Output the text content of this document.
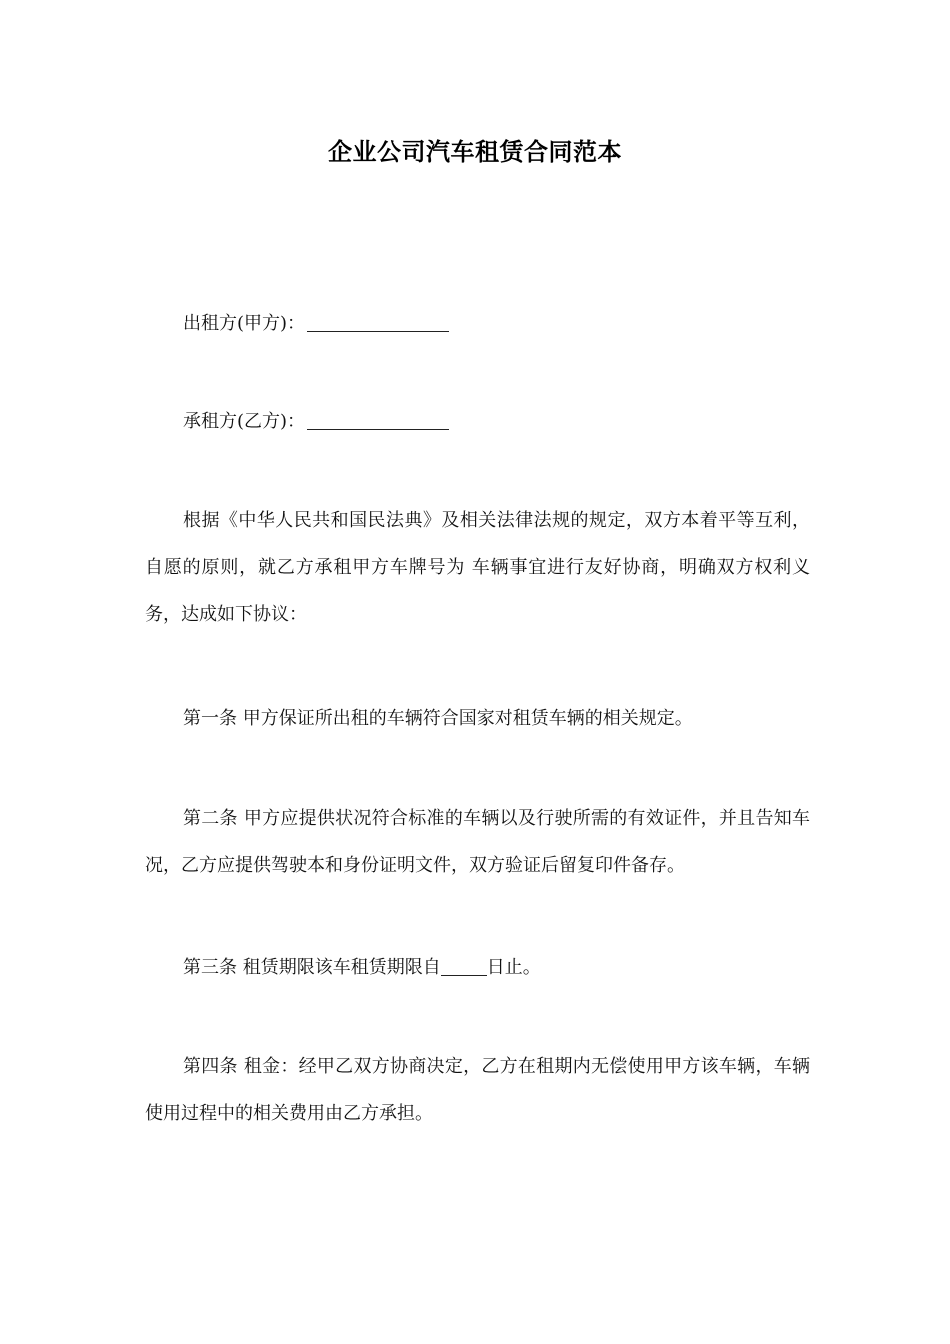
企业公司汽车租赁合同范本

出租方(甲方)：

承租方(乙方)：

根据《中华人民共和国民法典》及相关法律法规的规定，双方本着平等互利，自愿的原则，就乙方承租甲方车牌号为 车辆事宜进行友好协商，明确双方权利义务，达成如下协议：

第一条 甲方保证所出租的车辆符合国家对租赁车辆的相关规定。

第二条 甲方应提供状况符合标准的车辆以及行驶所需的有效证件，并且告知车况，乙方应提供驾驶本和身份证明文件，双方验证后留复印件备存。

第三条 租赁期限该车租赁期限自	日止。

第四条 租金：经甲乙双方协商决定，乙方在租期内无偿使用甲方该车辆，车辆使用过程中的相关费用由乙方承担。
